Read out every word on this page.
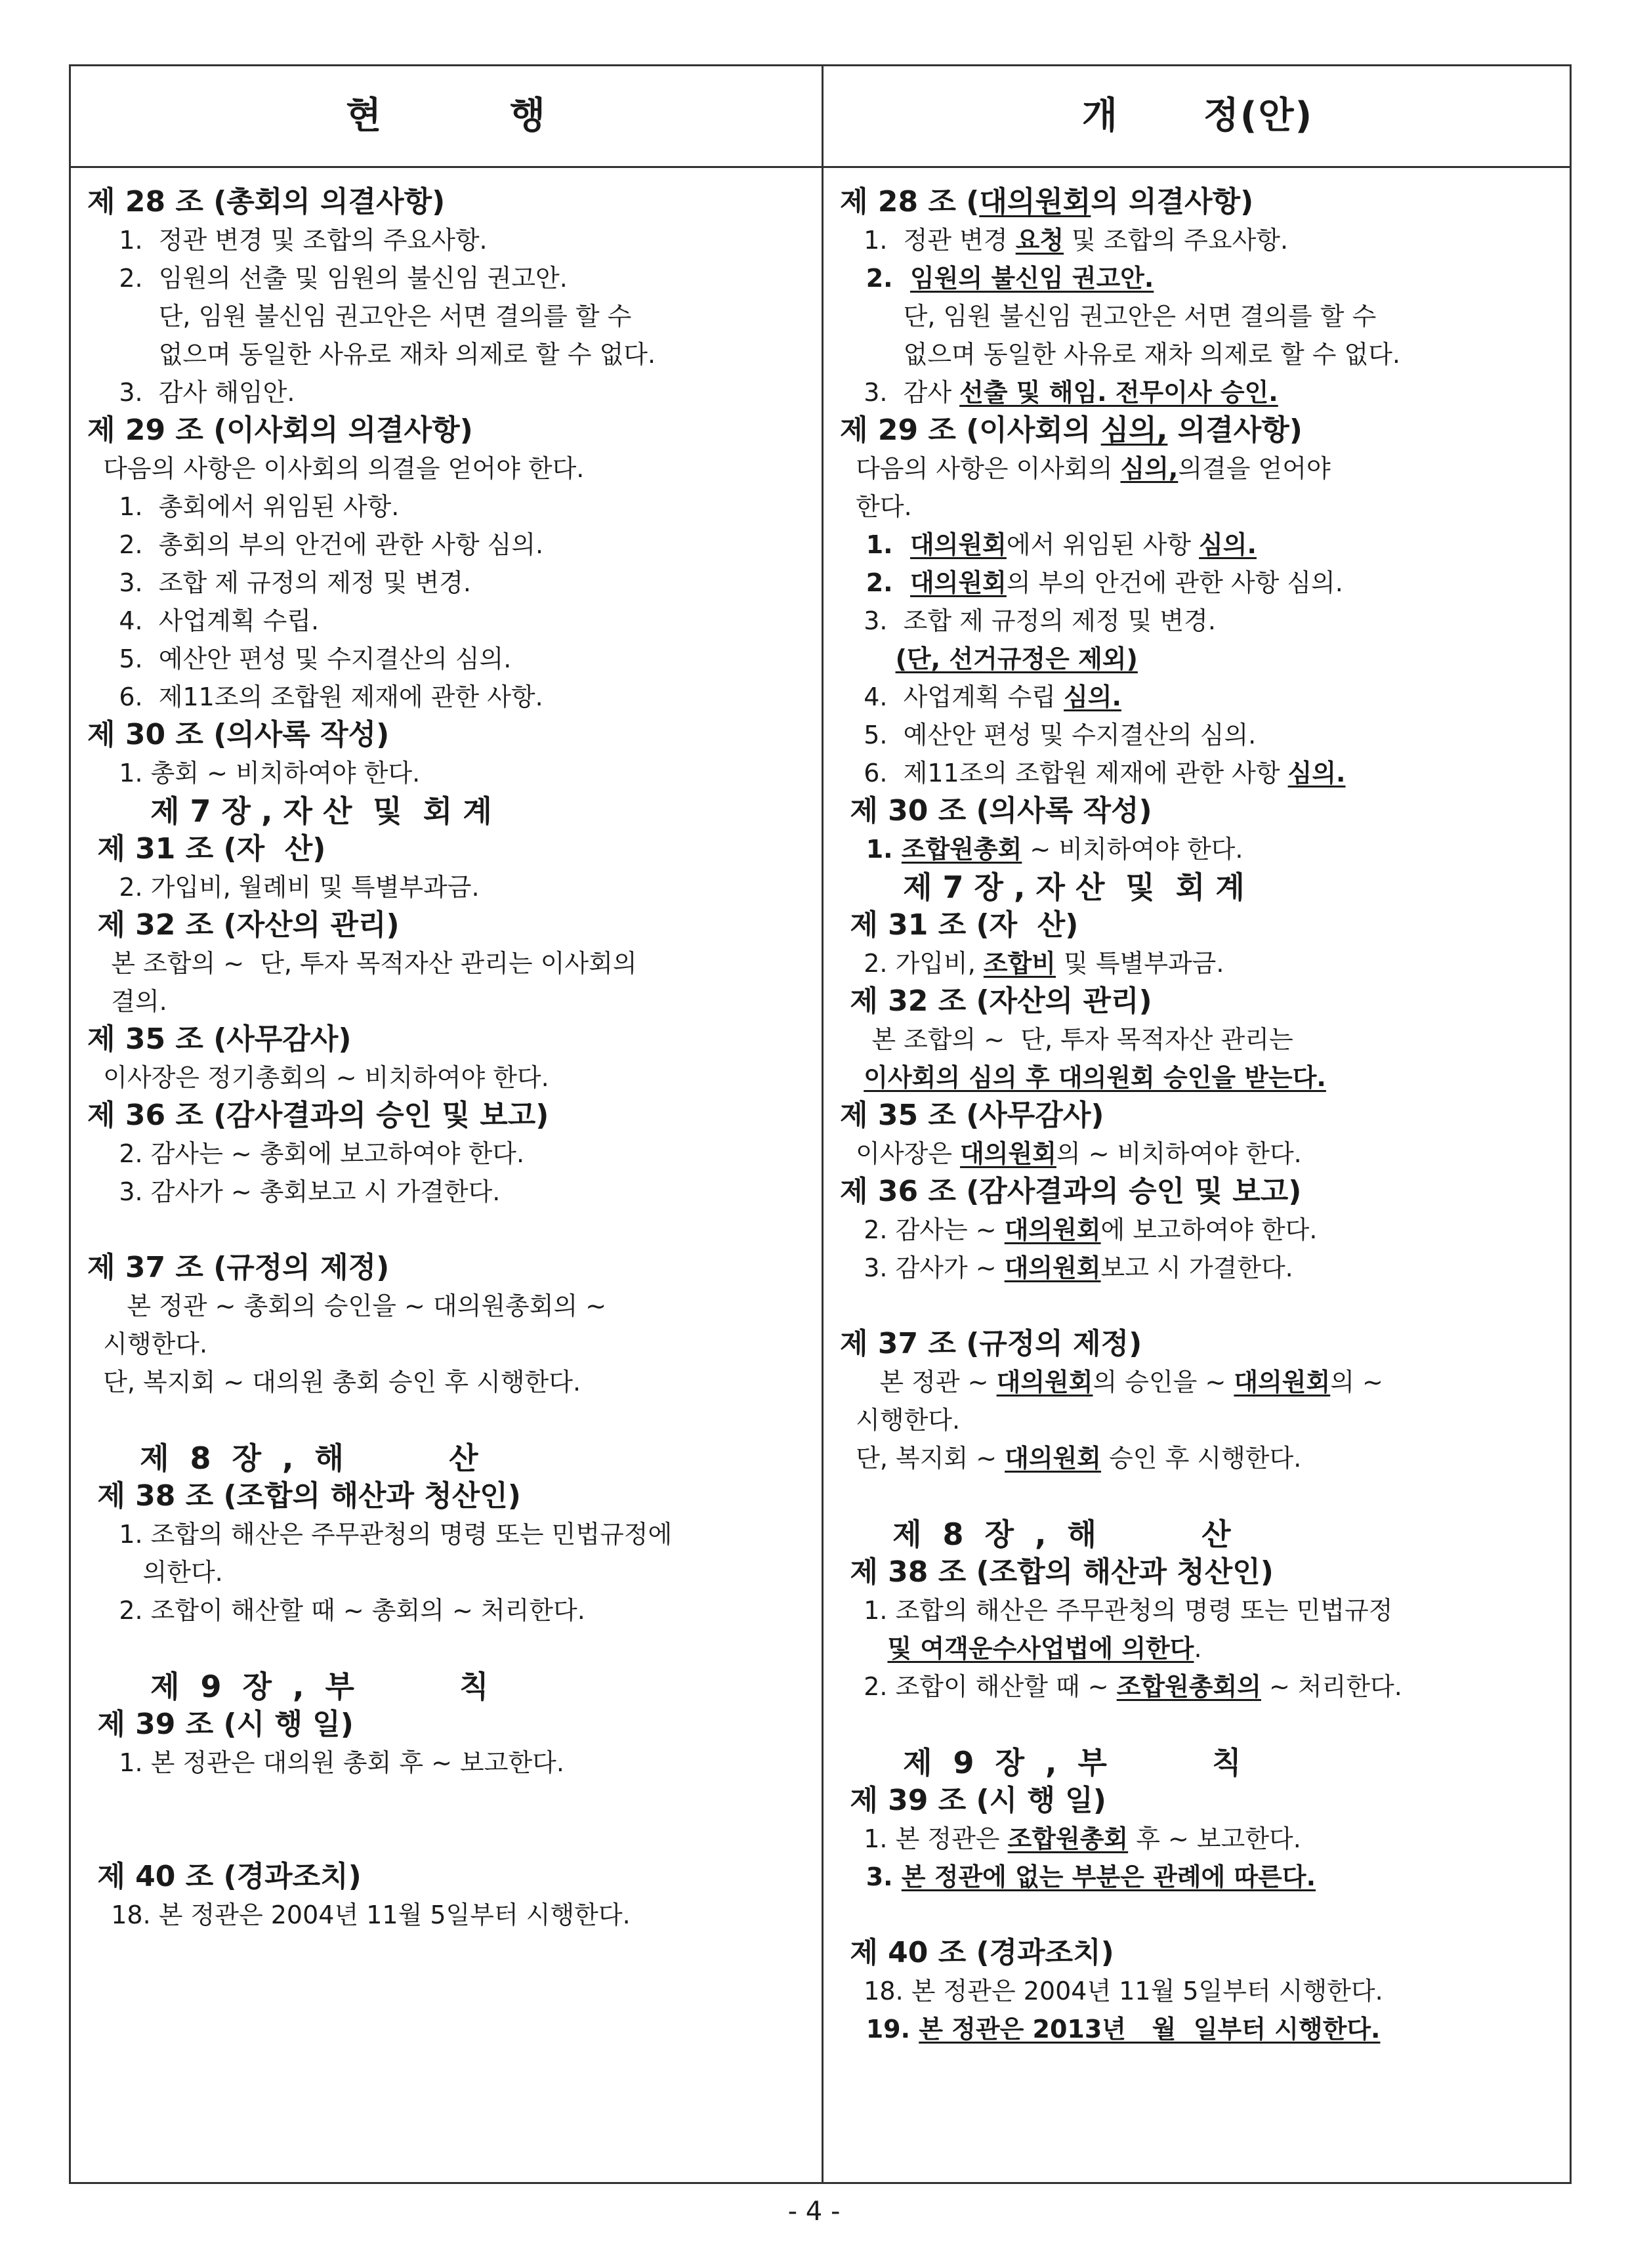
현         행	개      정(안)
제 28 조 (총회의 의결사항)
1.  정관 변경 및 조합의 주요사항.
2.  임원의 선출 및 임원의 불신임 권고안.
단, 임원 불신임 권고안은 서면 결의를 할 수
없으며 동일한 사유로 재차 의제로 할 수 없다.
3.  감사 해임안.
제 29 조 (이사회의 의결사항)
다음의 사항은 이사회의 의결을 얻어야 한다.
1.  총회에서 위임된 사항.
2.  총회의 부의 안건에 관한 사항 심의.
3.  조합 제 규정의 제정 및 변경.
4.  사업계획 수립.
5.  예산안 편성 및 수지결산의 심의.
6.  제11조의 조합원 제재에 관한 사항.
제 30 조 (의사록 작성)
1. 총회 ~ 비치하여야 한다.
제 7 장 , 자 산  및  회 계
제 31 조 (자  산)
2. 가입비, 월례비 및 특별부과금.
제 32 조 (자산의 관리)
본 조합의 ~  단, 투자 목적자산 관리는 이사회의
결의.
제 35 조 (사무감사)
이사장은 정기총회의 ~ 비치하여야 한다.
제 36 조 (감사결과의 승인 및 보고)
2. 감사는 ~ 총회에 보고하여야 한다.
3. 감사가 ~ 총회보고 시 가결한다.
제 37 조 (규정의 제정)
본 정관 ~ 총회의 승인을 ~ 대의원총회의 ~
시행한다.
단, 복지회 ~ 대의원 총회 승인 후 시행한다.
제  8  장  ,  해          산
제 38 조 (조합의 해산과 청산인)
1. 조합의 해산은 주무관청의 명령 또는 민법규정에
의한다.
2. 조합이 해산할 때 ~ 총회의 ~ 처리한다.
제  9  장  ,  부          칙
제 39 조 (시 행 일)
1. 본 정관은 대의원 총회 후 ~ 보고한다.
제 40 조 (경과조치)
18. 본 정관은 2004년 11월 5일부터 시행한다.
제 28 조 (대의원회의 의결사항)
1.  정관 변경 요청 및 조합의 주요사항.
2.  임원의 불신임 권고안.
단, 임원 불신임 권고안은 서면 결의를 할 수
없으며 동일한 사유로 재차 의제로 할 수 없다.
3.  감사 선출 및 해임. 전무이사 승인.
제 29 조 (이사회의 심의, 의결사항)
다음의 사항은 이사회의 심의,의결을 얻어야
한다.
1.  대의원회에서 위임된 사항 심의.
2.  대의원회의 부의 안건에 관한 사항 심의.
3.  조합 제 규정의 제정 및 변경.
(단, 선거규정은 제외)
4.  사업계획 수립 심의.
5.  예산안 편성 및 수지결산의 심의.
6.  제11조의 조합원 제재에 관한 사항 심의.
제 30 조 (의사록 작성)
1. 조합원총회 ~ 비치하여야 한다.
제 7 장 , 자 산  및  회 계
제 31 조 (자  산)
2. 가입비, 조합비 및 특별부과금.
제 32 조 (자산의 관리)
본 조합의 ~  단, 투자 목적자산 관리는
이사회의 심의 후 대의원회 승인을 받는다.
제 35 조 (사무감사)
이사장은 대의원회의 ~ 비치하여야 한다.
제 36 조 (감사결과의 승인 및 보고)
2. 감사는 ~ 대의원회에 보고하여야 한다.
3. 감사가 ~ 대의원회보고 시 가결한다.
제 37 조 (규정의 제정)
본 정관 ~ 대의원회의 승인을 ~ 대의원회의 ~
시행한다.
단, 복지회 ~ 대의원회 승인 후 시행한다.
제  8  장  ,  해          산
제 38 조 (조합의 해산과 청산인)
1. 조합의 해산은 주무관청의 명령 또는 민법규정
및 여객운수사업법에 의한다.
2. 조합이 해산할 때 ~ 조합원총회의 ~ 처리한다.
제  9  장  ,  부          칙
제 39 조 (시 행 일)
1. 본 정관은 조합원총회 후 ~ 보고한다.
3. 본 정관에 없는 부분은 관례에 따른다.
제 40 조 (경과조치)
18. 본 정관은 2004년 11월 5일부터 시행한다.
19. 본 정관은 2013년   월  일부터 시행한다.
- 4 -
